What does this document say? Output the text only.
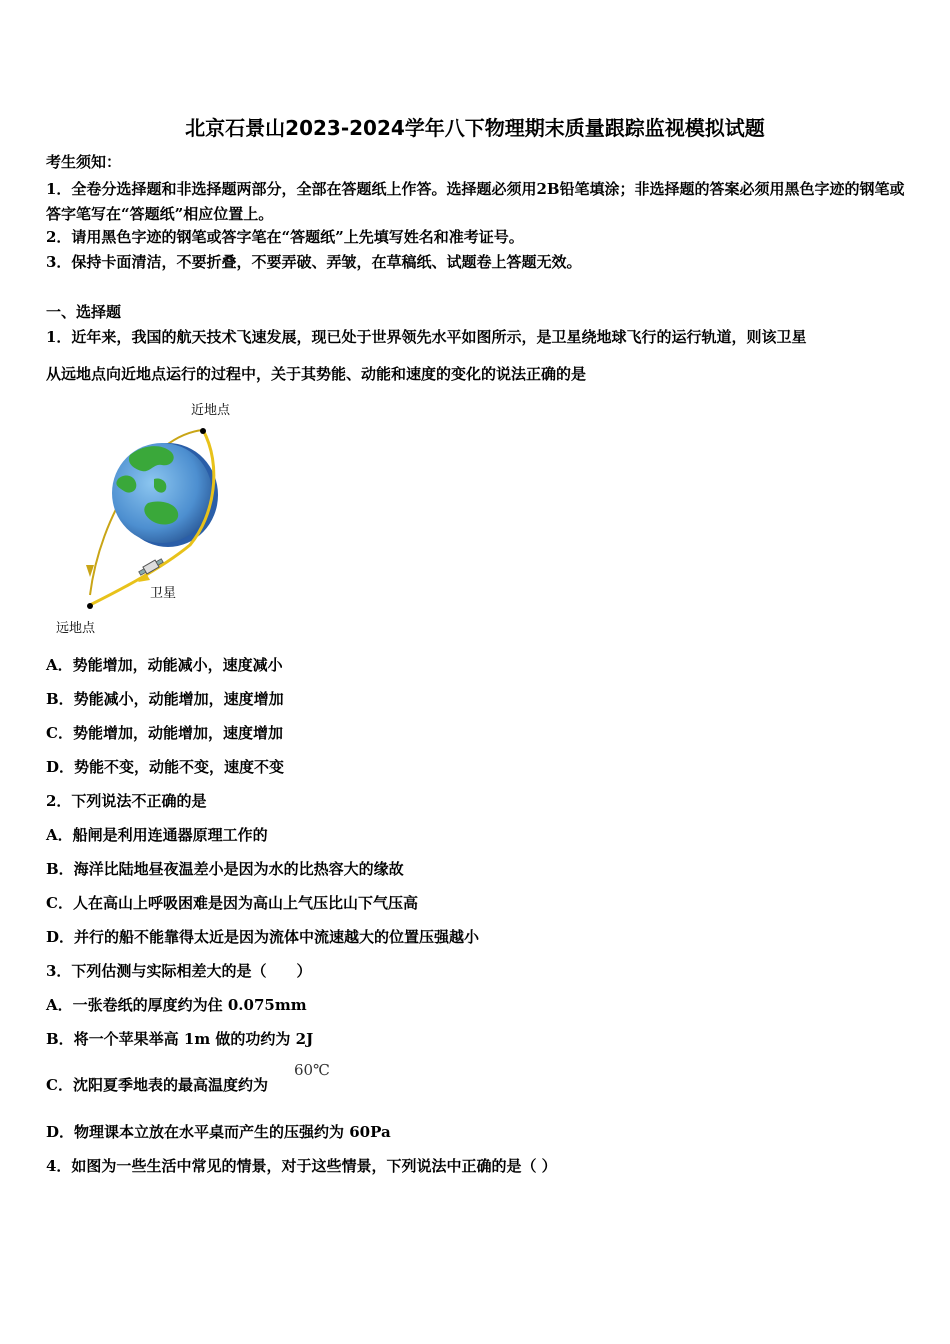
北京石景山2023-2024学年八下物理期末质量跟踪监视模拟试题
考生须知：
1．全卷分选择题和非选择题两部分，全部在答题纸上作答。选择题必须用2B铅笔填涂；非选择题的答案必须用黑色字迹的钢笔或答字笔写在“答题纸”相应位置上。
2．请用黑色字迹的钢笔或答字笔在“答题纸”上先填写姓名和准考证号。
3．保持卡面清洁，不要折叠，不要弄破、弄皱，在草稿纸、试题卷上答题无效。
一、选择题
1．近年来，我国的航天技术飞速发展，现已处于世界领先水平如图所示，是卫星绕地球飞行的运行轨道，则该卫星
从远地点向近地点运行的过程中，关于其势能、动能和速度的变化的说法正确的是
近地点
卫星
远地点
A．势能增加，动能减小，速度减小
B．势能减小，动能增加，速度增加
C．势能增加，动能增加，速度增加
D．势能不变，动能不变，速度不变
2．下列说法不正确的是
A．船闸是利用连通器原理工作的
B．海洋比陆地昼夜温差小是因为水的比热容大的缘故
C．人在高山上呼吸困难是因为高山上气压比山下气压高
D．并行的船不能靠得太近是因为流体中流速越大的位置压强越小
3．下列估测与实际相差大的是（　　）
A．一张卷纸的厚度约为住 0.075mm
B．将一个苹果举高 1m 做的功约为 2J
C．沈阳夏季地表的最高温度约为
60℃
D．物理课本立放在水平桌而产生的压强约为 60Pa
4．如图为一些生活中常见的情景，对于这些情景，下列说法中正确的是（ ）
